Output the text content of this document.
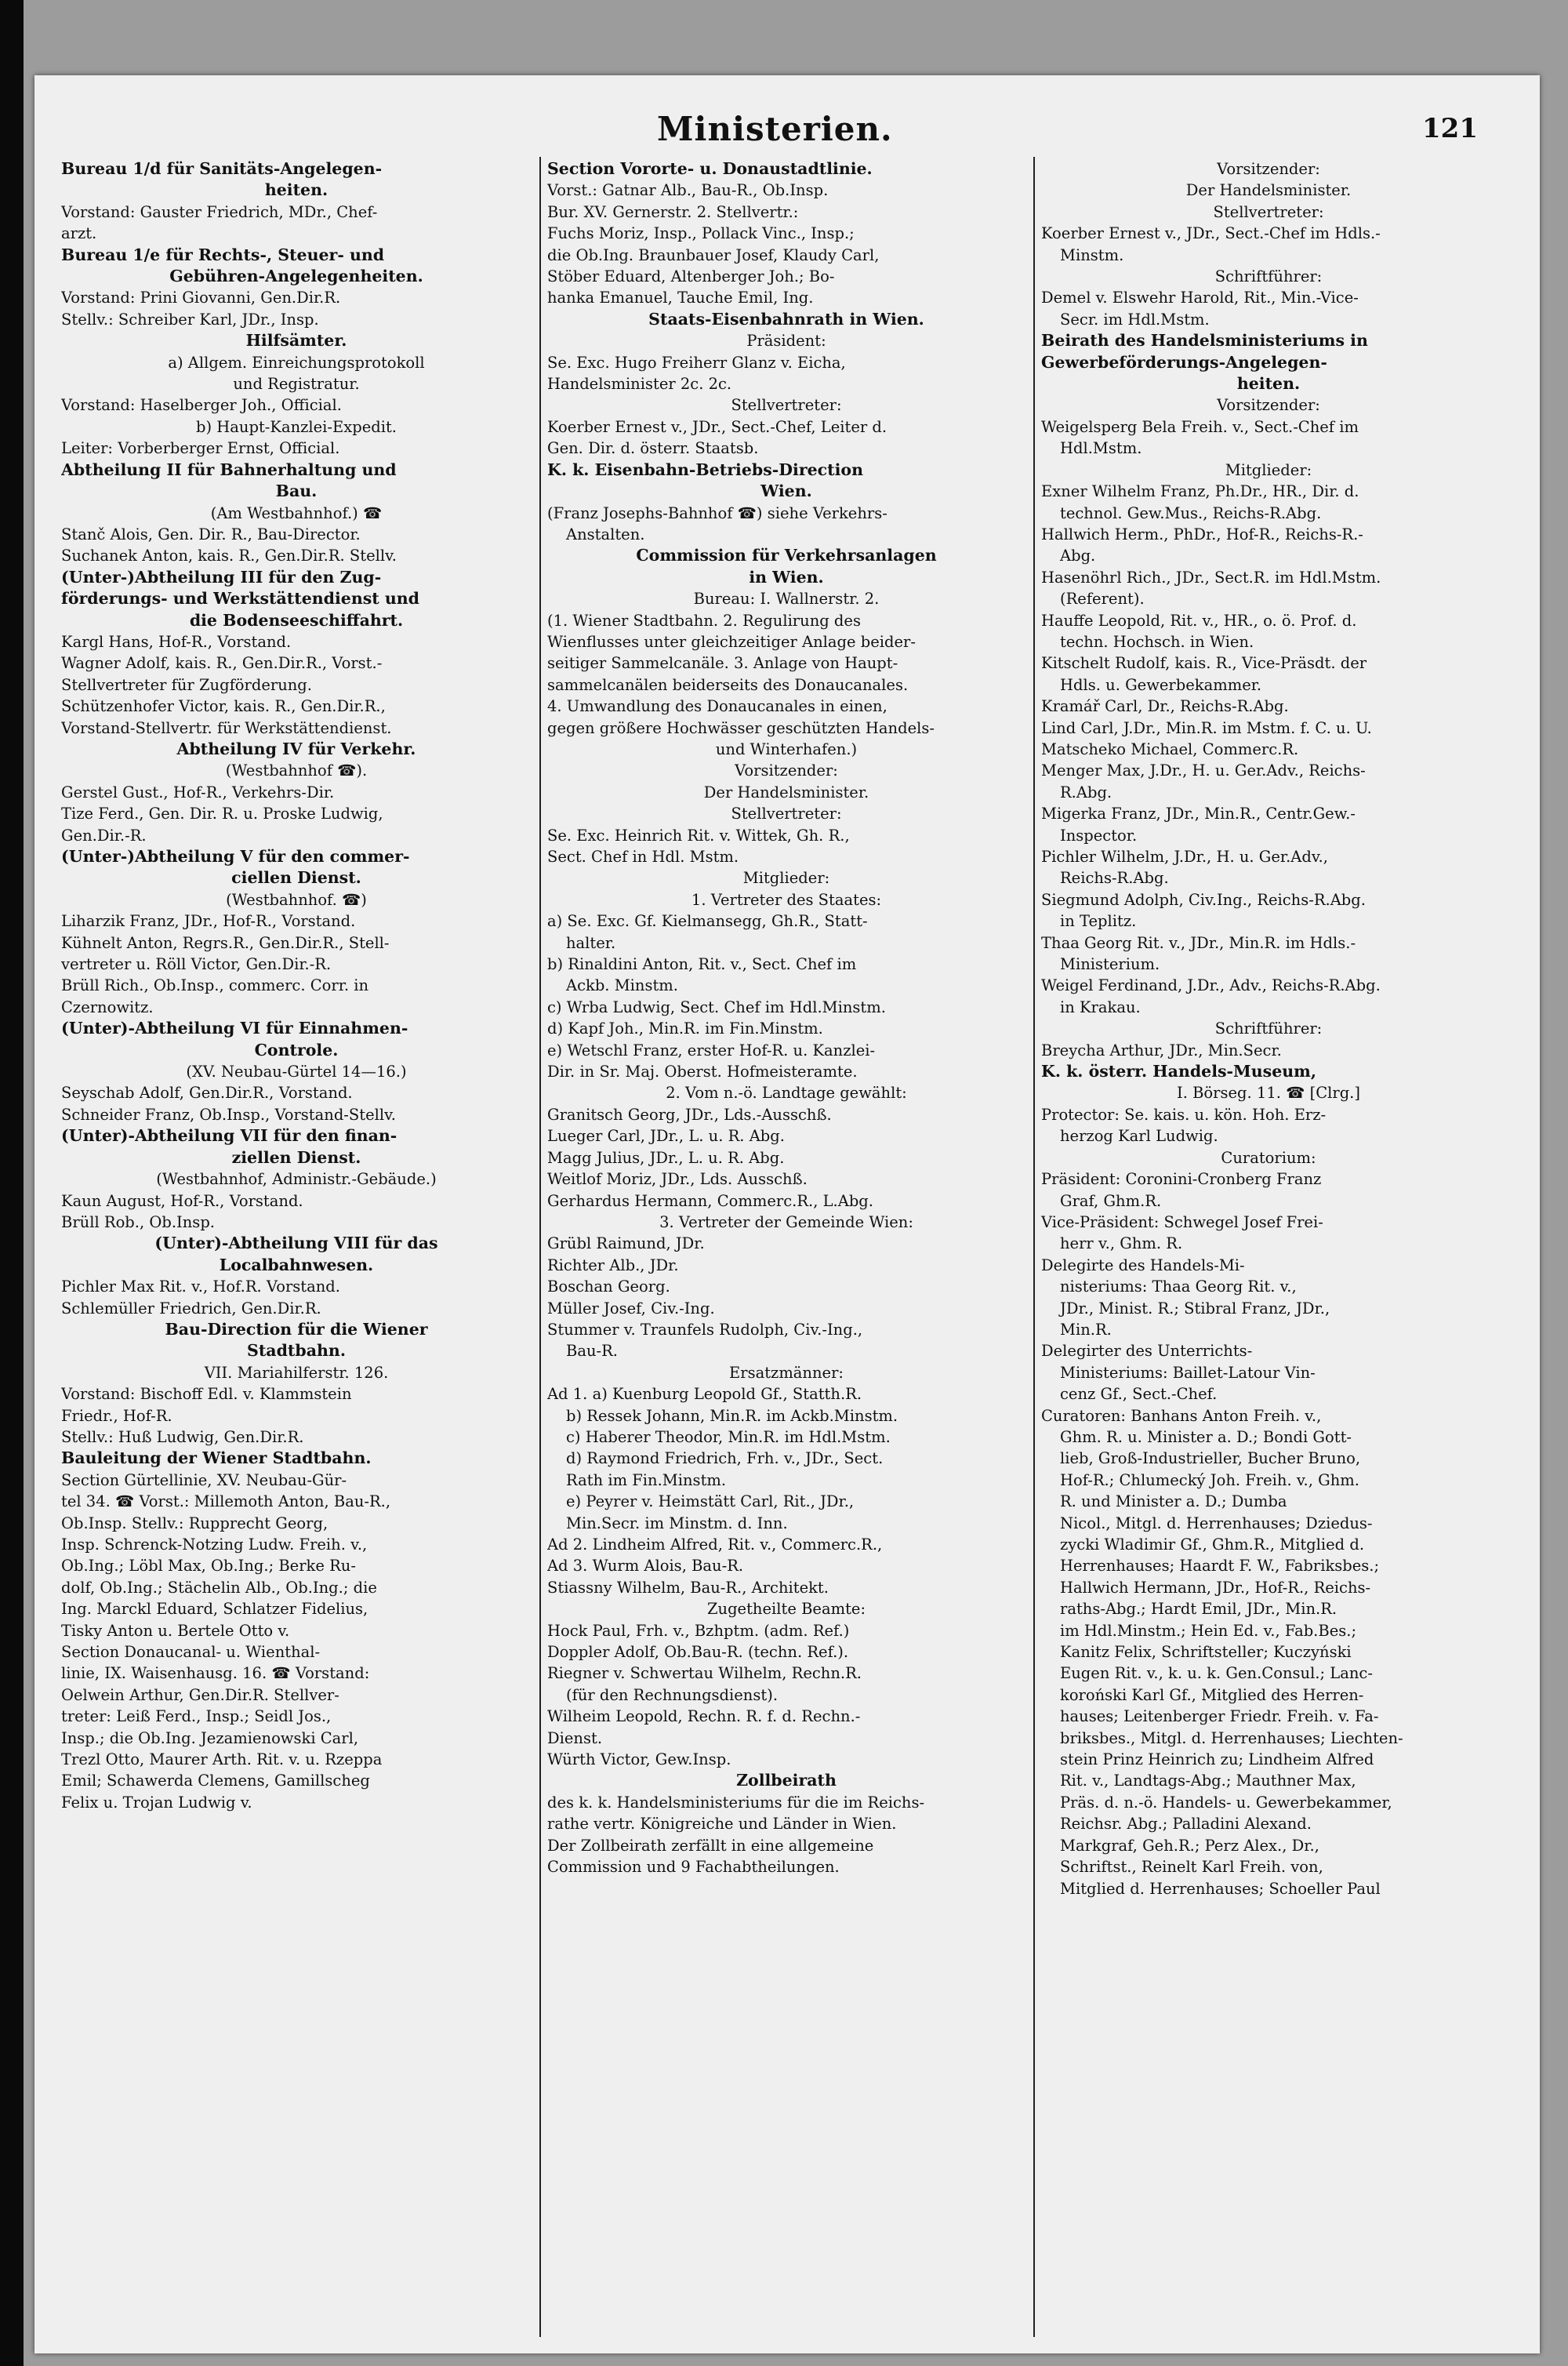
Ministerien.	121
Bureau 1/d für Sanitäts-Angelegen-
heiten.
Vorstand: Gauster Friedrich, MDr., Chef-
arzt.
Bureau 1/e für Rechts-, Steuer- und
Gebühren-Angelegenheiten.
Vorstand: Prini Giovanni, Gen.Dir.R.
Stellv.: Schreiber Karl, JDr., Insp.
Hilfsämter.
a) Allgem. Einreichungsprotokoll
und Registratur.
Vorstand: Haselberger Joh., Official.
b) Haupt-Kanzlei-Expedit.
Leiter: Vorberberger Ernst, Official.
Abtheilung II für Bahnerhaltung und
Bau.
(Am Westbahnhof.) ☎
Stanč Alois, Gen. Dir. R., Bau-Director.
Suchanek Anton, kais. R., Gen.Dir.R. Stellv.
(Unter-)Abtheilung III für den Zug-
förderungs- und Werkstättendienst und
die Bodenseeschiffahrt.
Kargl Hans, Hof-R., Vorstand.
Wagner Adolf, kais. R., Gen.Dir.R., Vorst.-
Stellvertreter für Zugförderung.
Schützenhofer Victor, kais. R., Gen.Dir.R.,
Vorstand-Stellvertr. für Werkstättendienst.
Abtheilung IV für Verkehr.
(Westbahnhof ☎).
Gerstel Gust., Hof-R., Verkehrs-Dir.
Tize Ferd., Gen. Dir. R. u. Proske Ludwig,
Gen.Dir.-R.
(Unter-)Abtheilung V für den commer-
ciellen Dienst.
(Westbahnhof. ☎)
Liharzik Franz, JDr., Hof-R., Vorstand.
Kühnelt Anton, Regrs.R., Gen.Dir.R., Stell-
vertreter u. Röll Victor, Gen.Dir.-R.
Brüll Rich., Ob.Insp., commerc. Corr. in
Czernowitz.
(Unter)-Abtheilung VI für Einnahmen-
Controle.
(XV. Neubau-Gürtel 14—16.)
Seyschab Adolf, Gen.Dir.R., Vorstand.
Schneider Franz, Ob.Insp., Vorstand-Stellv.
(Unter)-Abtheilung VII für den finan-
ziellen Dienst.
(Westbahnhof, Administr.-Gebäude.)
Kaun August, Hof-R., Vorstand.
Brüll Rob., Ob.Insp.
(Unter)-Abtheilung VIII für das
Localbahnwesen.
Pichler Max Rit. v., Hof.R. Vorstand.
Schlemüller Friedrich, Gen.Dir.R.
Bau-Direction für die Wiener
Stadtbahn.
VII. Mariahilferstr. 126.
Vorstand: Bischoff Edl. v. Klammstein
Friedr., Hof-R.
Stellv.: Huß Ludwig, Gen.Dir.R.
Bauleitung der Wiener Stadtbahn.
Section Gürtellinie, XV. Neubau-Gür-
tel 34. ☎ Vorst.: Millemoth Anton, Bau-R.,
Ob.Insp. Stellv.: Rupprecht Georg,
Insp. Schrenck-Notzing Ludw. Freih. v.,
Ob.Ing.; Löbl Max, Ob.Ing.; Berke Ru-
dolf, Ob.Ing.; Stächelin Alb., Ob.Ing.; die
Ing. Marckl Eduard, Schlatzer Fidelius,
Tisky Anton u. Bertele Otto v.
Section Donaucanal- u. Wienthal-
linie, IX. Waisenhausg. 16. ☎ Vorstand:
Oelwein Arthur, Gen.Dir.R. Stellver-
treter: Leiß Ferd., Insp.; Seidl Jos.,
Insp.; die Ob.Ing. Jezamienowski Carl,
Trezl Otto, Maurer Arth. Rit. v. u. Rzeppa
Emil; Schawerda Clemens, Gamillscheg
Felix u. Trojan Ludwig v.
Section Vororte- u. Donaustadtlinie.
Vorst.: Gatnar Alb., Bau-R., Ob.Insp.
Bur. XV. Gernerstr. 2. Stellvertr.:
Fuchs Moriz, Insp., Pollack Vinc., Insp.;
die Ob.Ing. Braunbauer Josef, Klaudy Carl,
Stöber Eduard, Altenberger Joh.; Bo-
hanka Emanuel, Tauche Emil, Ing.
Staats-Eisenbahnrath in Wien.
Präsident:
Se. Exc. Hugo Freiherr Glanz v. Eicha,
Handelsminister 2c. 2c.
Stellvertreter:
Koerber Ernest v., JDr., Sect.-Chef, Leiter d.
Gen. Dir. d. österr. Staatsb.
K. k. Eisenbahn-Betriebs-Direction
Wien.
(Franz Josephs-Bahnhof ☎) siehe Verkehrs-
Anstalten.
Commission für Verkehrsanlagen
in Wien.
Bureau: I. Wallnerstr. 2.
(1. Wiener Stadtbahn. 2. Regulirung des
Wienflusses unter gleichzeitiger Anlage beider-
seitiger Sammelcanäle. 3. Anlage von Haupt-
sammelcanälen beiderseits des Donaucanales.
4. Umwandlung des Donaucanales in einen,
gegen größere Hochwässer geschützten Handels-
und Winterhafen.)
Vorsitzender:
Der Handelsminister.
Stellvertreter:
Se. Exc. Heinrich Rit. v. Wittek, Gh. R.,
Sect. Chef in Hdl. Mstm.
Mitglieder:
1. Vertreter des Staates:
a) Se. Exc. Gf. Kielmansegg, Gh.R., Statt-
halter.
b) Rinaldini Anton, Rit. v., Sect. Chef im
Ackb. Minstm.
c) Wrba Ludwig, Sect. Chef im Hdl.Minstm.
d) Kapf Joh., Min.R. im Fin.Minstm.
e) Wetschl Franz, erster Hof-R. u. Kanzlei-
Dir. in Sr. Maj. Oberst. Hofmeisteramte.
2. Vom n.-ö. Landtage gewählt:
Granitsch Georg, JDr., Lds.-Ausschß.
Lueger Carl, JDr., L. u. R. Abg.
Magg Julius, JDr., L. u. R. Abg.
Weitlof Moriz, JDr., Lds. Ausschß.
Gerhardus Hermann, Commerc.R., L.Abg.
3. Vertreter der Gemeinde Wien:
Grübl Raimund, JDr.
Richter Alb., JDr.
Boschan Georg.
Müller Josef, Civ.-Ing.
Stummer v. Traunfels Rudolph, Civ.-Ing.,
Bau-R.
Ersatzmänner:
Ad 1. a) Kuenburg Leopold Gf., Statth.R.
b) Ressek Johann, Min.R. im Ackb.Minstm.
c) Haberer Theodor, Min.R. im Hdl.Mstm.
d) Raymond Friedrich, Frh. v., JDr., Sect.
Rath im Fin.Minstm.
e) Peyrer v. Heimstätt Carl, Rit., JDr.,
Min.Secr. im Minstm. d. Inn.
Ad 2. Lindheim Alfred, Rit. v., Commerc.R.,
Ad 3. Wurm Alois, Bau-R.
Stiassny Wilhelm, Bau-R., Architekt.
Zugetheilte Beamte:
Hock Paul, Frh. v., Bzhptm. (adm. Ref.)
Doppler Adolf, Ob.Bau-R. (techn. Ref.).
Riegner v. Schwertau Wilhelm, Rechn.R.
(für den Rechnungsdienst).
Wilheim Leopold, Rechn. R. f. d. Rechn.-
Dienst.
Würth Victor, Gew.Insp.
Zollbeirath
des k. k. Handelsministeriums für die im Reichs-
rathe vertr. Königreiche und Länder in Wien.
Der Zollbeirath zerfällt in eine allgemeine
Commission und 9 Fachabtheilungen.
Vorsitzender:
Der Handelsminister.
Stellvertreter:
Koerber Ernest v., JDr., Sect.-Chef im Hdls.-
Minstm.
Schriftführer:
Demel v. Elswehr Harold, Rit., Min.-Vice-
Secr. im Hdl.Mstm.
Beirath des Handelsministeriums in
Gewerbeförderungs-Angelegen-
heiten.
Vorsitzender:
Weigelsperg Bela Freih. v., Sect.-Chef im
Hdl.Mstm.
Mitglieder:
Exner Wilhelm Franz, Ph.Dr., HR., Dir. d.
technol. Gew.Mus., Reichs-R.Abg.
Hallwich Herm., PhDr., Hof-R., Reichs-R.-
Abg.
Hasenöhrl Rich., JDr., Sect.R. im Hdl.Mstm.
(Referent).
Hauffe Leopold, Rit. v., HR., o. ö. Prof. d.
techn. Hochsch. in Wien.
Kitschelt Rudolf, kais. R., Vice-Präsdt. der
Hdls. u. Gewerbekammer.
Kramář Carl, Dr., Reichs-R.Abg.
Lind Carl, J.Dr., Min.R. im Mstm. f. C. u. U.
Matscheko Michael, Commerc.R.
Menger Max, J.Dr., H. u. Ger.Adv., Reichs-
R.Abg.
Migerka Franz, JDr., Min.R., Centr.Gew.-
Inspector.
Pichler Wilhelm, J.Dr., H. u. Ger.Adv.,
Reichs-R.Abg.
Siegmund Adolph, Civ.Ing., Reichs-R.Abg.
in Teplitz.
Thaa Georg Rit. v., JDr., Min.R. im Hdls.-
Ministerium.
Weigel Ferdinand, J.Dr., Adv., Reichs-R.Abg.
in Krakau.
Schriftführer:
Breycha Arthur, JDr., Min.Secr.
K. k. österr. Handels-Museum,
I. Börseg. 11. ☎ [Clrg.]
Protector: Se. kais. u. kön. Hoh. Erz-
herzog Karl Ludwig.
Curatorium:
Präsident: Coronini-Cronberg Franz
Graf, Ghm.R.
Vice-Präsident: Schwegel Josef Frei-
herr v., Ghm. R.
Delegirte des Handels-Mi-
nisteriums: Thaa Georg Rit. v.,
JDr., Minist. R.; Stibral Franz, JDr.,
Min.R.
Delegirter des Unterrichts-
Ministeriums: Baillet-Latour Vin-
cenz Gf., Sect.-Chef.
Curatoren: Banhans Anton Freih. v.,
Ghm. R. u. Minister a. D.; Bondi Gott-
lieb, Groß-Industrieller, Bucher Bruno,
Hof-R.; Chlumecký Joh. Freih. v., Ghm.
R. und Minister a. D.; Dumba
Nicol., Mitgl. d. Herrenhauses; Dziedus-
zycki Wladimir Gf., Ghm.R., Mitglied d.
Herrenhauses; Haardt F. W., Fabriksbes.;
Hallwich Hermann, JDr., Hof-R., Reichs-
raths-Abg.; Hardt Emil, JDr., Min.R.
im Hdl.Minstm.; Hein Ed. v., Fab.Bes.;
Kanitz Felix, Schriftsteller; Kuczyński
Eugen Rit. v., k. u. k. Gen.Consul.; Lanc-
koroński Karl Gf., Mitglied des Herren-
hauses; Leitenberger Friedr. Freih. v. Fa-
briksbes., Mitgl. d. Herrenhauses; Liechten-
stein Prinz Heinrich zu; Lindheim Alfred
Rit. v., Landtags-Abg.; Mauthner Max,
Präs. d. n.-ö. Handels- u. Gewerbekammer,
Reichsr. Abg.; Palladini Alexand.
Markgraf, Geh.R.; Perz Alex., Dr.,
Schriftst., Reinelt Karl Freih. von,
Mitglied d. Herrenhauses; Schoeller Paul
